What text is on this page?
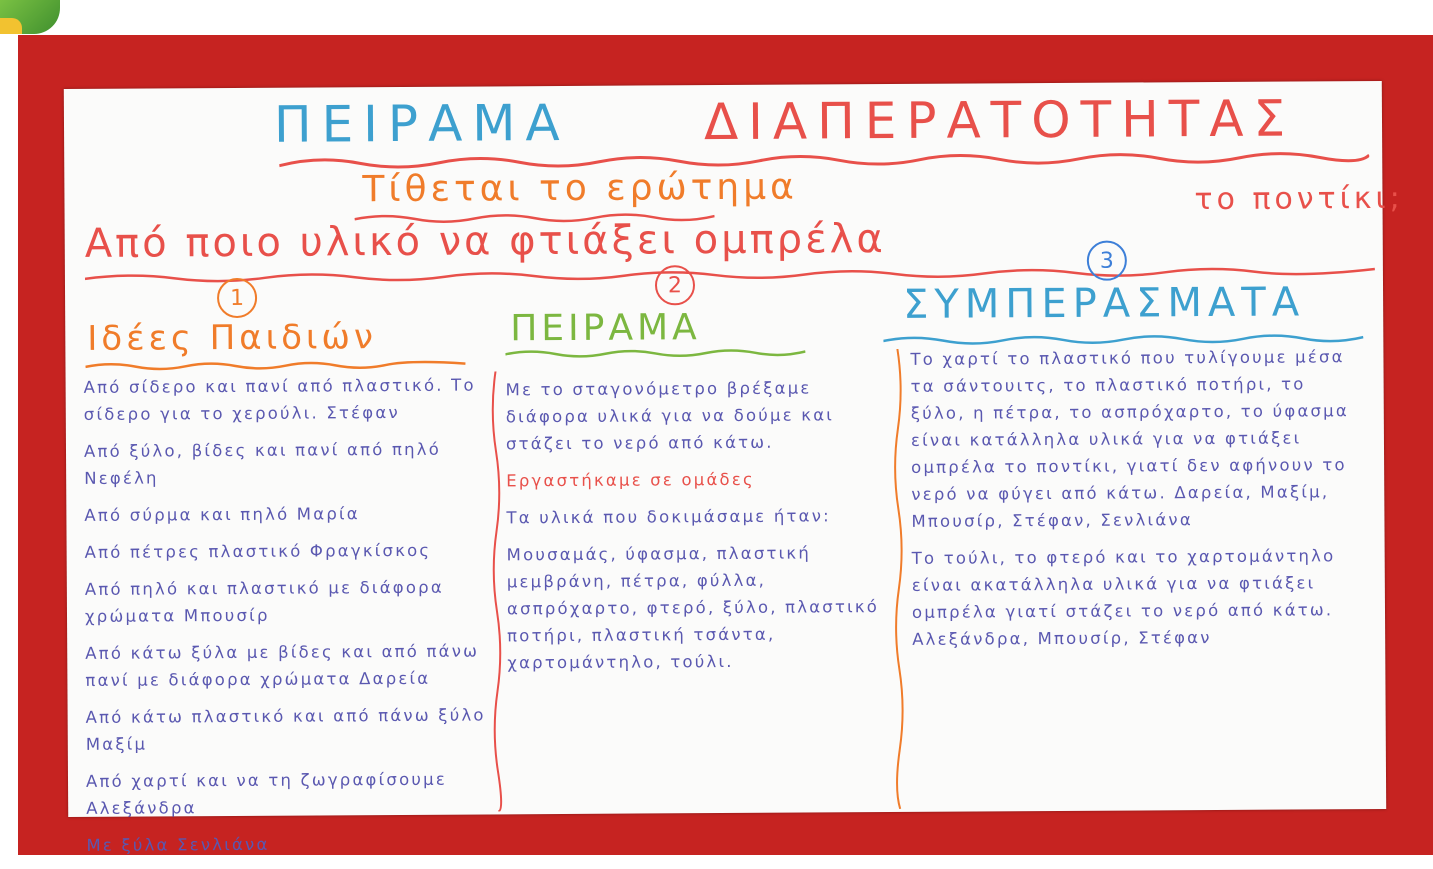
ΠΕΙΡΑΜΑ	ΔΙΑΠΕΡΑΤΟΤΗΤΑΣ
Τίθεται το ερώτημα
Από ποιο υλικό να φτιάξει ομπρέλα
το ποντίκι;
1
2
3
Ιδέες Παιδιών	ΠΕΙΡΑΜΑ
ΣΥΜΠΕΡΑΣΜΑΤΑ

Από σίδερο και πανί από πλαστικό. Το σίδερο για το χερούλι. Στέφαν

Από ξύλο, βίδες και πανί από πηλό Νεφέλη

Από σύρμα και πηλό Μαρία

Από πέτρες πλαστικό Φραγκίσκος

Από πηλό και πλαστικό με διάφορα χρώματα Μπουσίρ

Από κάτω ξύλα με βίδες και από πάνω πανί με διάφορα χρώματα Δαρεία

Από κάτω πλαστικό και από πάνω ξύλο Μαξίμ

Από χαρτί και να τη ζωγραφίσουμε Αλεξάνδρα

Με ξύλα Σενλιάνα

Με το σταγονόμετρο βρέξαμε διάφορα υλικά για να δούμε και στάζει το νερό από κάτω.

Εργαστήκαμε σε ομάδες

Τα υλικά που δοκιμάσαμε ήταν:

Μουσαμάς, ύφασμα, πλαστική μεμβράνη, πέτρα, φύλλα, ασπρόχαρτο, φτερό, ξύλο, πλαστικό ποτήρι, πλαστική τσάντα, χαρτομάντηλο, τούλι.

Το χαρτί το πλαστικό που τυλίγουμε μέσα τα σάντουιτς, το πλαστικό ποτήρι, το ξύλο, η πέτρα, το ασπρόχαρτο, το ύφασμα είναι κατάλληλα υλικά για να φτιάξει ομπρέλα το ποντίκι, γιατί δεν αφήνουν το νερό να φύγει από κάτω. Δαρεία, Μαξίμ, Μπουσίρ, Στέφαν, Σενλιάνα

Το τούλι, το φτερό και το χαρτομάντηλο είναι ακατάλληλα υλικά για να φτιάξει ομπρέλα γιατί στάζει το νερό από κάτω. Αλεξάνδρα, Μπουσίρ, Στέφαν
